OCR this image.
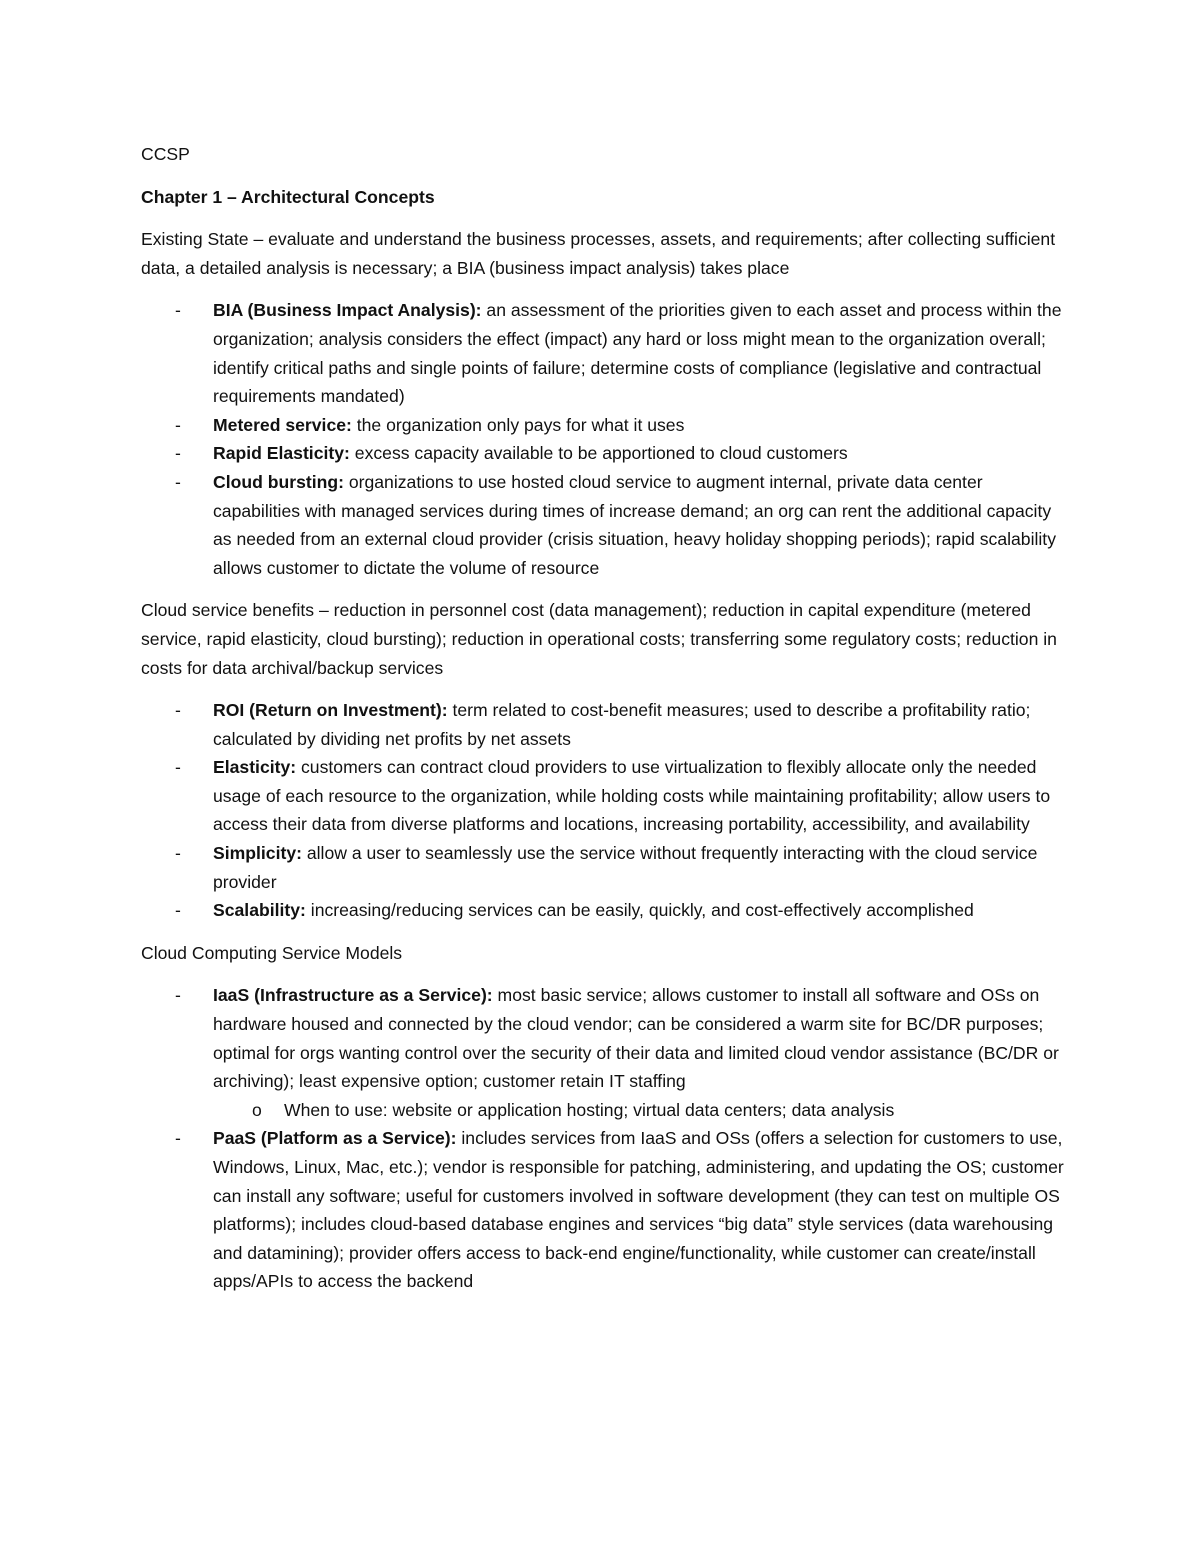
CCSP

Chapter 1 – Architectural Concepts

Existing State – evaluate and understand the business processes, assets, and requirements; after collecting sufficient data, a detailed analysis is necessary; a BIA (business impact analysis) takes place

- BIA (Business Impact Analysis): an assessment of the priorities given to each asset and process within the organization; analysis considers the effect (impact) any hard or loss might mean to the organization overall; identify critical paths and single points of failure; determine costs of compliance (legislative and contractual requirements mandated)
- Metered service: the organization only pays for what it uses
- Rapid Elasticity: excess capacity available to be apportioned to cloud customers
- Cloud bursting: organizations to use hosted cloud service to augment internal, private data center capabilities with managed services during times of increase demand; an org can rent the additional capacity as needed from an external cloud provider (crisis situation, heavy holiday shopping periods); rapid scalability allows customer to dictate the volume of resource

Cloud service benefits – reduction in personnel cost (data management); reduction in capital expenditure (metered service, rapid elasticity, cloud bursting); reduction in operational costs; transferring some regulatory costs; reduction in costs for data archival/backup services

- ROI (Return on Investment): term related to cost-benefit measures; used to describe a profitability ratio; calculated by dividing net profits by net assets
- Elasticity: customers can contract cloud providers to use virtualization to flexibly allocate only the needed usage of each resource to the organization, while holding costs while maintaining profitability; allow users to access their data from diverse platforms and locations, increasing portability, accessibility, and availability
- Simplicity: allow a user to seamlessly use the service without frequently interacting with the cloud service provider
- Scalability: increasing/reducing services can be easily, quickly, and cost-effectively accomplished

Cloud Computing Service Models

- IaaS (Infrastructure as a Service): most basic service; allows customer to install all software and OSs on hardware housed and connected by the cloud vendor; can be considered a warm site for BC/DR purposes; optimal for orgs wanting control over the security of their data and limited cloud vendor assistance (BC/DR or archiving); least expensive option; customer retain IT staffing
o When to use: website or application hosting; virtual data centers; data analysis
- PaaS (Platform as a Service): includes services from IaaS and OSs (offers a selection for customers to use, Windows, Linux, Mac, etc.); vendor is responsible for patching, administering, and updating the OS; customer can install any software; useful for customers involved in software development (they can test on multiple OS platforms); includes cloud-based database engines and services “big data” style services (data warehousing and datamining); provider offers access to back-end engine/functionality, while customer can create/install apps/APIs to access the backend
